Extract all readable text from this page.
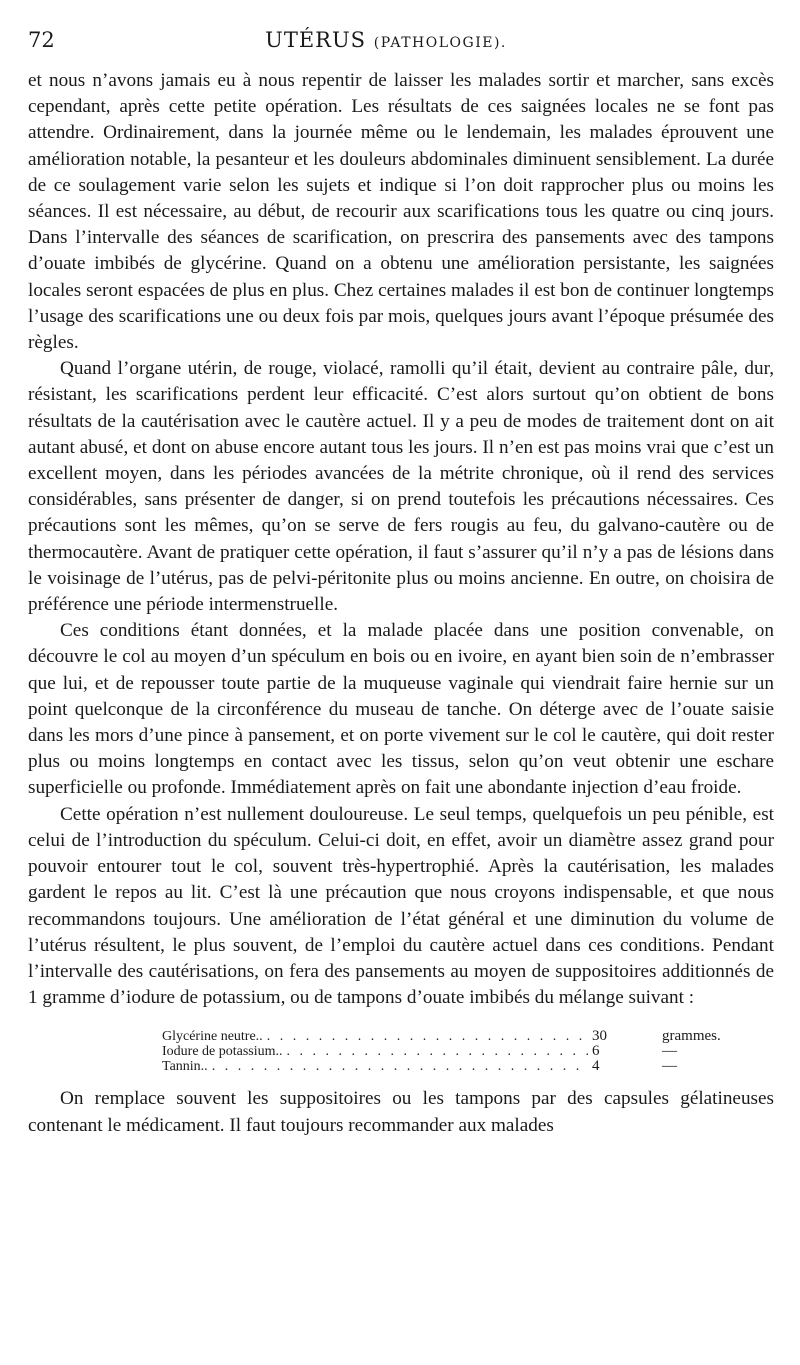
72	UTÉRUS (PATHOLOGIE).

et nous n’avons jamais eu à nous repentir de laisser les malades sortir et marcher, sans excès cependant, après cette petite opération. Les résultats de ces saignées locales ne se font pas attendre. Ordinairement, dans la journée même ou le lendemain, les malades éprouvent une amélioration notable, la pesanteur et les douleurs abdominales diminuent sensiblement. La durée de ce soulagement varie selon les sujets et indique si l’on doit rapprocher plus ou moins les séances. Il est nécessaire, au début, de recourir aux scarifications tous les quatre ou cinq jours. Dans l’intervalle des séances de scarification, on prescrira des pansements avec des tampons d’ouate imbibés de glycérine. Quand on a obtenu une amélioration persistante, les saignées locales seront espacées de plus en plus. Chez certaines malades il est bon de continuer longtemps l’usage des scarifications une ou deux fois par mois, quelques jours avant l’époque présumée des règles.

Quand l’organe utérin, de rouge, violacé, ramolli qu’il était, devient au contraire pâle, dur, résistant, les scarifications perdent leur efficacité. C’est alors surtout qu’on obtient de bons résultats de la cautérisation avec le cautère actuel. Il y a peu de modes de traitement dont on ait autant abusé, et dont on abuse encore autant tous les jours. Il n’en est pas moins vrai que c’est un excellent moyen, dans les périodes avancées de la métrite chronique, où il rend des services considérables, sans présenter de danger, si on prend toutefois les précautions nécessaires. Ces précautions sont les mêmes, qu’on se serve de fers rougis au feu, du galvano-cautère ou de thermocautère. Avant de pratiquer cette opération, il faut s’assurer qu’il n’y a pas de lésions dans le voisinage de l’utérus, pas de pelvi-péritonite plus ou moins ancienne. En outre, on choisira de préférence une période intermenstruelle.

Ces conditions étant données, et la malade placée dans une position convenable, on découvre le col au moyen d’un spéculum en bois ou en ivoire, en ayant bien soin de n’embrasser que lui, et de repousser toute partie de la muqueuse vaginale qui viendrait faire hernie sur un point quelconque de la circonférence du museau de tanche. On déterge avec de l’ouate saisie dans les mors d’une pince à pansement, et on porte vivement sur le col le cautère, qui doit rester plus ou moins longtemps en contact avec les tissus, selon qu’on veut obtenir une eschare superficielle ou profonde. Immédiatement après on fait une abondante injection d’eau froide.

Cette opération n’est nullement douloureuse. Le seul temps, quelquefois un peu pénible, est celui de l’introduction du spéculum. Celui-ci doit, en effet, avoir un diamètre assez grand pour pouvoir entourer tout le col, souvent très-hypertrophié. Après la cautérisation, les malades gardent le repos au lit. C’est là une précaution que nous croyons indispensable, et que nous recommandons toujours. Une amélioration de l’état général et une diminution du volume de l’utérus résultent, le plus souvent, de l’emploi du cautère actuel dans ces conditions. Pendant l’intervalle des cautérisations, on fera des pansements au moyen de suppositoires additionnés de 1 gramme d’iodure de potassium, ou de tampons d’ouate imbibés du mélange suivant :

Glycérine neutre.. . . .	30	grammes.
Iodure de potassium.. . . .	6	—
Tannin.. . . .	4	—

On remplace souvent les suppositoires ou les tampons par des capsules gélatineuses contenant le médicament. Il faut toujours recommander aux malades
